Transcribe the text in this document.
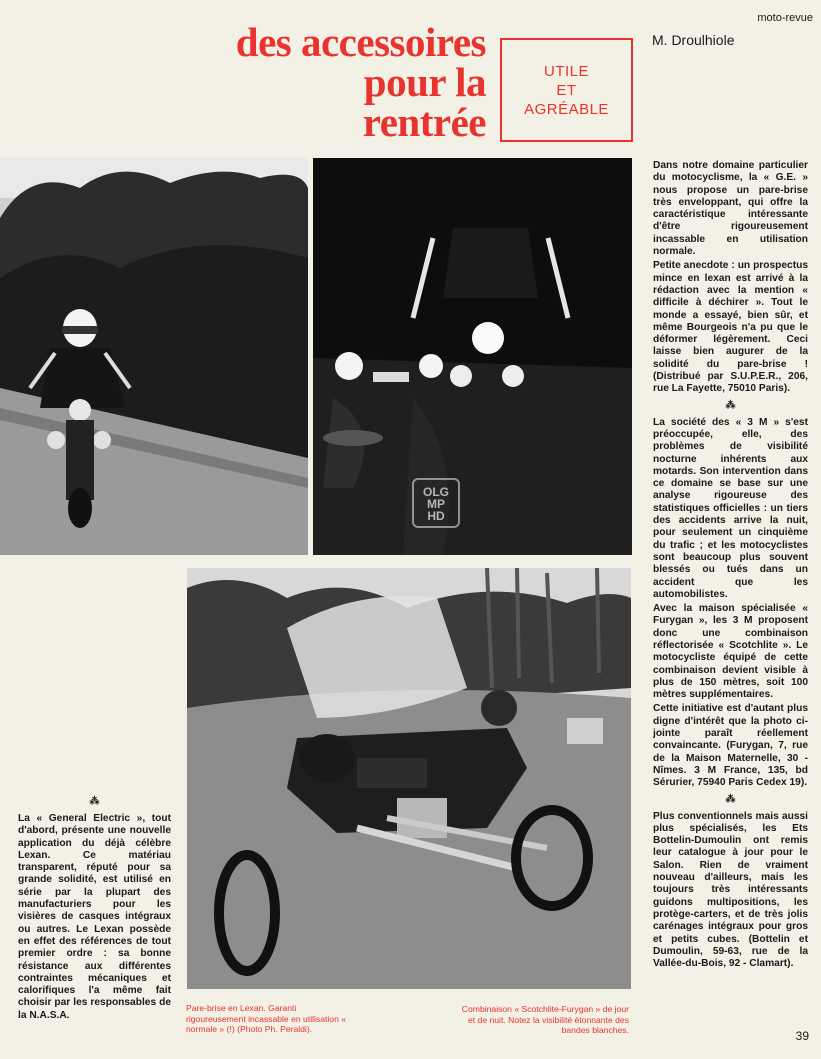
moto-revue
M. Droulhiole
des accessoires
pour la
rentrée
UTILE
ET
AGRÉABLE
OLG
MP
HD
⁂

La « General Electric », tout d'abord, présente une nouvelle application du déjà célèbre Lexan. Ce matériau transparent, réputé pour sa grande solidité, est utilisé en série par la plupart des manufacturiers pour les visières de casques intégraux ou autres. Le Lexan possède en effet des références de tout premier ordre : sa bonne résistance aux différentes contraintes mécaniques et calorifiques l'a même fait choisir par les responsables de la N.A.S.A.

Dans notre domaine particulier du motocyclisme, la « G.E. » nous propose un pare-brise très enveloppant, qui offre la caractéristique intéressante d'être rigoureusement incassable en utilisation normale.

Petite anecdote : un prospectus mince en lexan est arrivé à la rédaction avec la mention « difficile à déchirer ». Tout le monde a essayé, bien sûr, et même Bourgeois n'a pu que le déformer légèrement. Ceci laisse bien augurer de la solidité du pare-brise ! (Distribué par S.U.P.E.R., 206, rue La Fayette, 75010 Paris).

⁂

La société des « 3 M » s'est préoccupée, elle, des problèmes de visibilité nocturne inhérents aux motards. Son intervention dans ce domaine se base sur une analyse rigoureuse des statistiques officielles : un tiers des accidents arrive la nuit, pour seulement un cinquième du trafic ; et les motocyclistes sont beaucoup plus souvent blessés ou tués dans un accident que les automobilistes.

Avec la maison spécialisée « Furygan », les 3 M proposent donc une combinaison réflectorisée « Scotchlite ». Le motocycliste équipé de cette combinaison devient visible à plus de 150 mètres, soit 100 mètres supplémentaires.

Cette initiative est d'autant plus digne d'intérêt que la photo ci-jointe paraît réellement convaincante. (Furygan, 7, rue de la Maison Maternelle, 30 - Nîmes. 3 M France, 135, bd Sérurier, 75940 Paris Cedex 19).

⁂

Plus conventionnels mais aussi plus spécialisés, les Ets Bottelin-Dumoulin ont remis leur catalogue à jour pour le Salon. Rien de vraiment nouveau d'ailleurs, mais les toujours très intéressants guidons multipositions, les protège-carters, et de très jolis carénages intégraux pour gros et petits cubes. (Bottelin et Dumoulin, 59-63, rue de la Vallée-du-Bois, 92 - Clamart).

Pare-brise en Lexan. Garanti rigoureusement incassable en utilisation « normale » (!) (Photo Ph. Peraldi).
Combinaison « Scotchlite-Furygan » de jour et de nuit. Notez la visibilité étonnante des bandes blanches.	39
